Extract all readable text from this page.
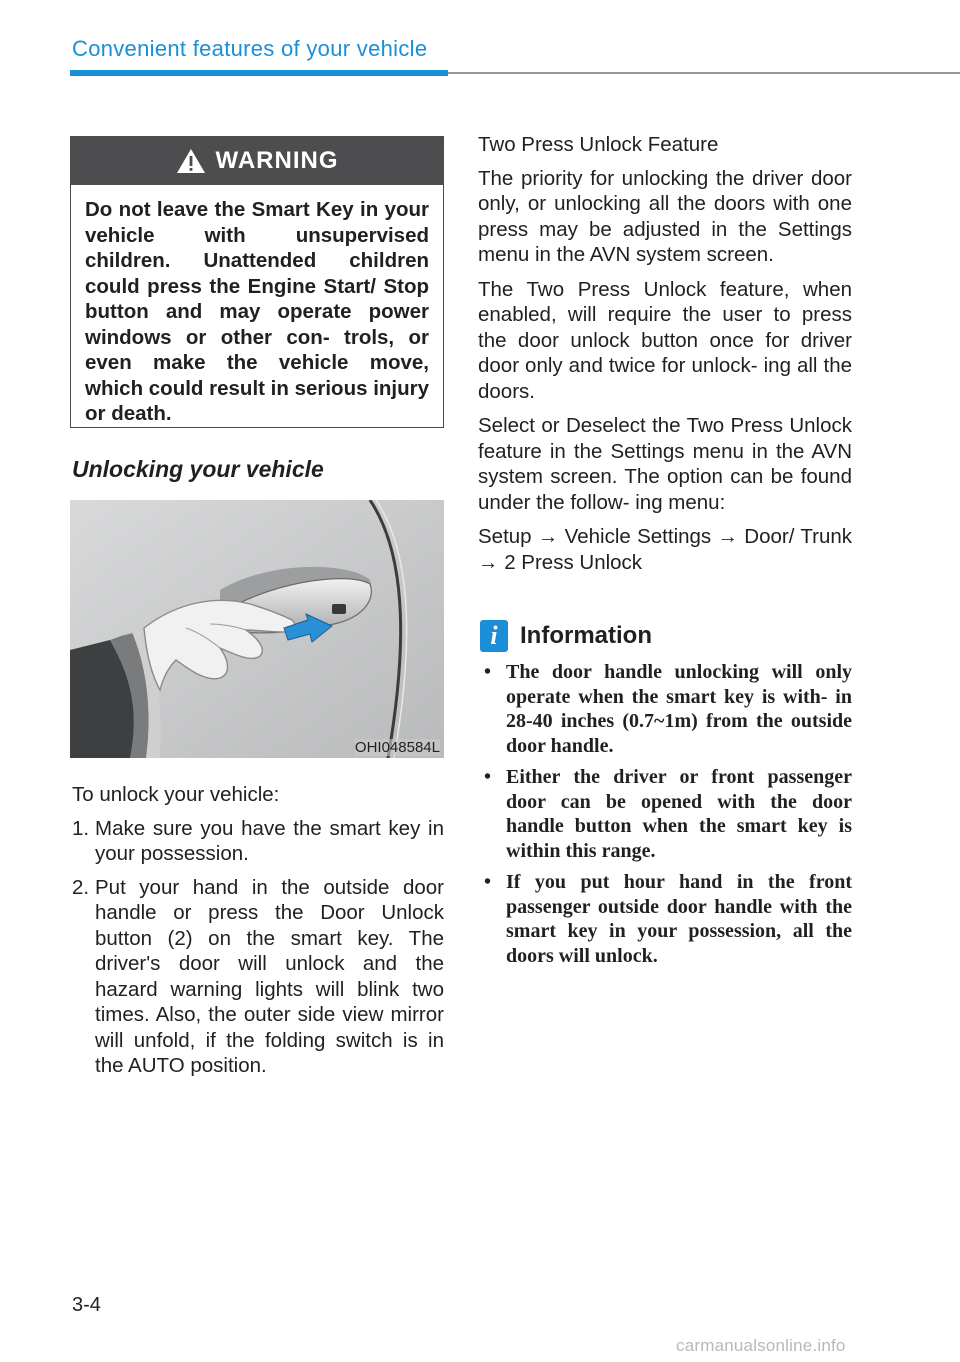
Convenient features of your vehicle
WARNING
Do not leave the Smart Key in your vehicle with unsupervised children. Unattended children could press the Engine Start/ Stop button and may operate power windows or other con- trols, or even make the vehicle move, which could result in serious injury or death.
Unlocking your vehicle
OHI048584L

To unlock your vehicle:

1. Make sure you have the smart key in your possession.
2. Put your hand in the outside door handle or press the Door Unlock button (2) on the smart key. The driver's door will unlock and the hazard warning lights will blink two times. Also, the outer side view mirror will unfold, if the folding switch is in the AUTO position.

Two Press Unlock Feature

The priority for unlocking the driver door only, or unlocking all the doors with one press may be adjusted in the Settings menu in the AVN system screen.

The Two Press Unlock feature, when enabled, will require the user to press the door unlock button once for driver door only and twice for unlock- ing all the doors.

Select or Deselect the Two Press Unlock feature in the Settings menu in the AVN system screen. The option can be found under the follow- ing menu:

Setup → Vehicle Settings → Door/ Trunk → 2 Press Unlock

i Information
• The door handle unlocking will only operate when the smart key is with- in 28-40 inches (0.7~1m) from the outside door handle.
• Either the driver or front passenger door can be opened with the door handle button when the smart key is within this range.
• If you put hour hand in the front passenger outside door handle with the smart key in your possession, all the doors will unlock.
3-4
carmanualsonline.info
